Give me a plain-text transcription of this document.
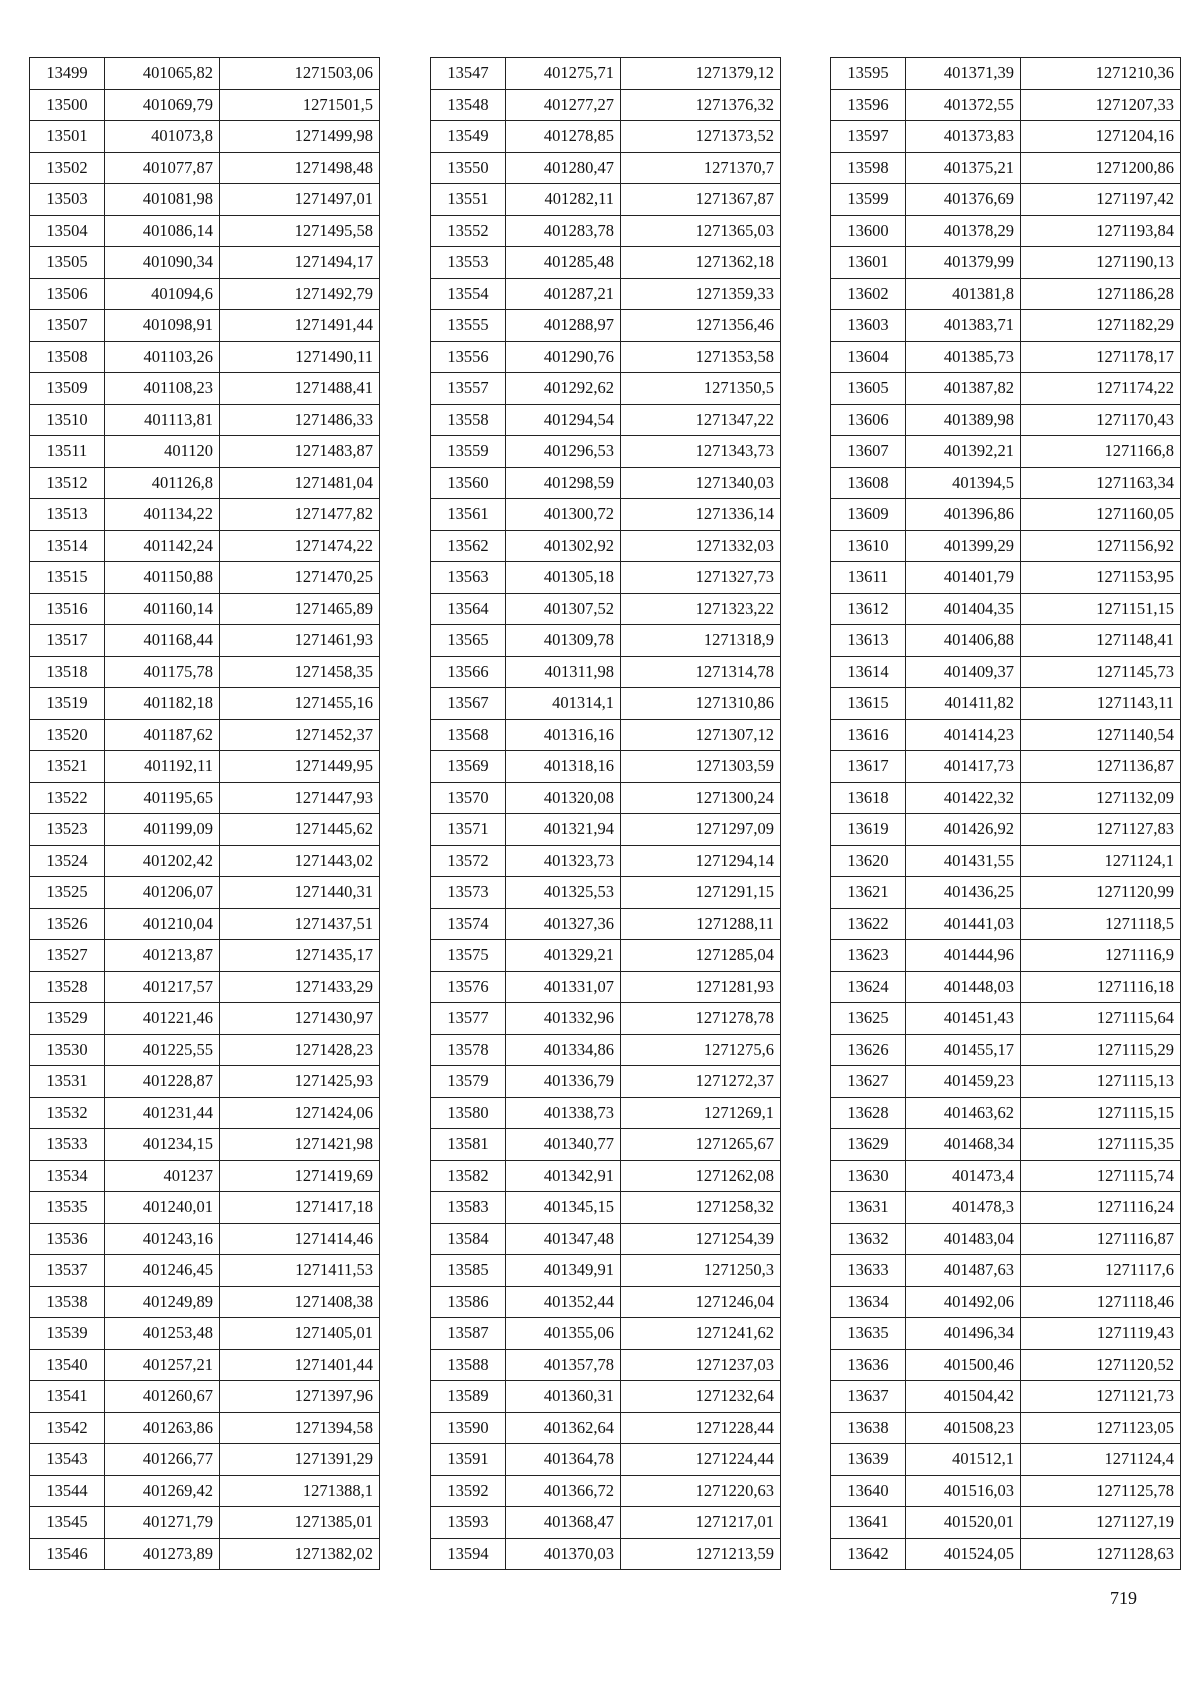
13499	401065,82	1271503,06
13500	401069,79	1271501,5
13501	401073,8	1271499,98
13502	401077,87	1271498,48
13503	401081,98	1271497,01
13504	401086,14	1271495,58
13505	401090,34	1271494,17
13506	401094,6	1271492,79
13507	401098,91	1271491,44
13508	401103,26	1271490,11
13509	401108,23	1271488,41
13510	401113,81	1271486,33
13511	401120	1271483,87
13512	401126,8	1271481,04
13513	401134,22	1271477,82
13514	401142,24	1271474,22
13515	401150,88	1271470,25
13516	401160,14	1271465,89
13517	401168,44	1271461,93
13518	401175,78	1271458,35
13519	401182,18	1271455,16
13520	401187,62	1271452,37
13521	401192,11	1271449,95
13522	401195,65	1271447,93
13523	401199,09	1271445,62
13524	401202,42	1271443,02
13525	401206,07	1271440,31
13526	401210,04	1271437,51
13527	401213,87	1271435,17
13528	401217,57	1271433,29
13529	401221,46	1271430,97
13530	401225,55	1271428,23
13531	401228,87	1271425,93
13532	401231,44	1271424,06
13533	401234,15	1271421,98
13534	401237	1271419,69
13535	401240,01	1271417,18
13536	401243,16	1271414,46
13537	401246,45	1271411,53
13538	401249,89	1271408,38
13539	401253,48	1271405,01
13540	401257,21	1271401,44
13541	401260,67	1271397,96
13542	401263,86	1271394,58
13543	401266,77	1271391,29
13544	401269,42	1271388,1
13545	401271,79	1271385,01
13546	401273,89	1271382,02
13547	401275,71	1271379,12
13548	401277,27	1271376,32
13549	401278,85	1271373,52
13550	401280,47	1271370,7
13551	401282,11	1271367,87
13552	401283,78	1271365,03
13553	401285,48	1271362,18
13554	401287,21	1271359,33
13555	401288,97	1271356,46
13556	401290,76	1271353,58
13557	401292,62	1271350,5
13558	401294,54	1271347,22
13559	401296,53	1271343,73
13560	401298,59	1271340,03
13561	401300,72	1271336,14
13562	401302,92	1271332,03
13563	401305,18	1271327,73
13564	401307,52	1271323,22
13565	401309,78	1271318,9
13566	401311,98	1271314,78
13567	401314,1	1271310,86
13568	401316,16	1271307,12
13569	401318,16	1271303,59
13570	401320,08	1271300,24
13571	401321,94	1271297,09
13572	401323,73	1271294,14
13573	401325,53	1271291,15
13574	401327,36	1271288,11
13575	401329,21	1271285,04
13576	401331,07	1271281,93
13577	401332,96	1271278,78
13578	401334,86	1271275,6
13579	401336,79	1271272,37
13580	401338,73	1271269,1
13581	401340,77	1271265,67
13582	401342,91	1271262,08
13583	401345,15	1271258,32
13584	401347,48	1271254,39
13585	401349,91	1271250,3
13586	401352,44	1271246,04
13587	401355,06	1271241,62
13588	401357,78	1271237,03
13589	401360,31	1271232,64
13590	401362,64	1271228,44
13591	401364,78	1271224,44
13592	401366,72	1271220,63
13593	401368,47	1271217,01
13594	401370,03	1271213,59
13595	401371,39	1271210,36
13596	401372,55	1271207,33
13597	401373,83	1271204,16
13598	401375,21	1271200,86
13599	401376,69	1271197,42
13600	401378,29	1271193,84
13601	401379,99	1271190,13
13602	401381,8	1271186,28
13603	401383,71	1271182,29
13604	401385,73	1271178,17
13605	401387,82	1271174,22
13606	401389,98	1271170,43
13607	401392,21	1271166,8
13608	401394,5	1271163,34
13609	401396,86	1271160,05
13610	401399,29	1271156,92
13611	401401,79	1271153,95
13612	401404,35	1271151,15
13613	401406,88	1271148,41
13614	401409,37	1271145,73
13615	401411,82	1271143,11
13616	401414,23	1271140,54
13617	401417,73	1271136,87
13618	401422,32	1271132,09
13619	401426,92	1271127,83
13620	401431,55	1271124,1
13621	401436,25	1271120,99
13622	401441,03	1271118,5
13623	401444,96	1271116,9
13624	401448,03	1271116,18
13625	401451,43	1271115,64
13626	401455,17	1271115,29
13627	401459,23	1271115,13
13628	401463,62	1271115,15
13629	401468,34	1271115,35
13630	401473,4	1271115,74
13631	401478,3	1271116,24
13632	401483,04	1271116,87
13633	401487,63	1271117,6
13634	401492,06	1271118,46
13635	401496,34	1271119,43
13636	401500,46	1271120,52
13637	401504,42	1271121,73
13638	401508,23	1271123,05
13639	401512,1	1271124,4
13640	401516,03	1271125,78
13641	401520,01	1271127,19
13642	401524,05	1271128,63
719
